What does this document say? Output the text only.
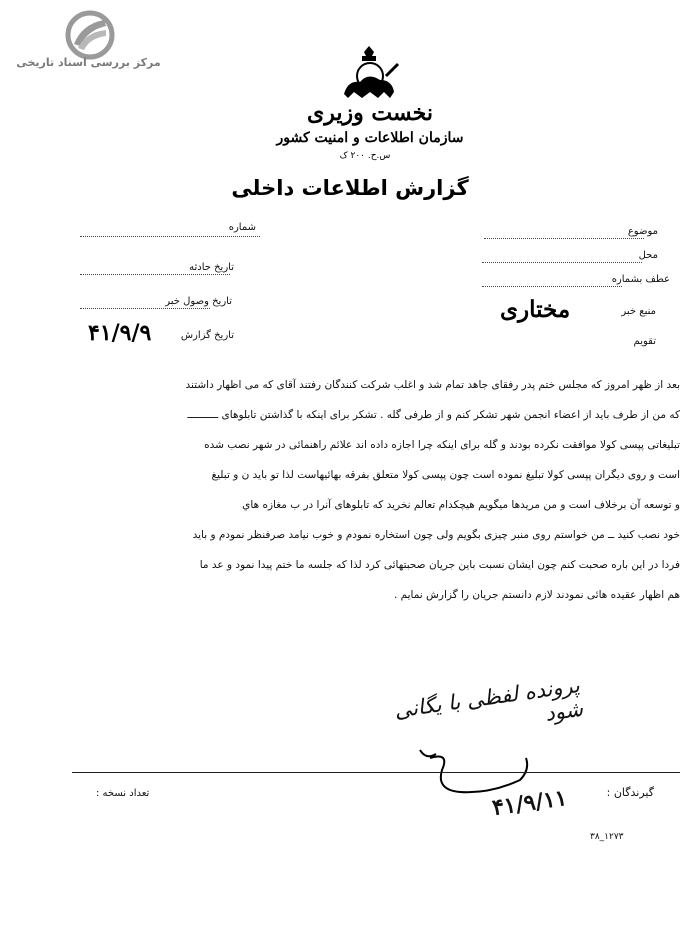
مرکز بررسی اسناد تاریخی
نخست وزیری
سازمان اطلاعات و امنیت کشور
س.ح. ۲۰۰ ک
گزارش اطلاعات داخلی
شماره
تاریخ حادثه
تاریخ وصول خبر
تاریخ گزارش
۴۱/۹/۹
موضوع
محل
عطف بشماره
منبع خبر
مختاری
تقویم

بعد از ظهر امروز که مجلس ختم پدر رفقای جاهد تمام شد و اغلب شرکت کنندگان رفتند آقای که می اظهار داشتند

که من از طرف باید از اعضاء انجمن شهر تشکر کنم و از طرفی گله . تشکر برای اینکه با گذاشتن تابلوهای ــــــــــ

تبلیغاتی پپسی کولا موافقت نکرده بودند و گله برای اینکه چرا اجازه داده اند علائم راهنمائی در شهر نصب شده

است و روی دیگران پپسی کولا تبلیغ نموده است چون پپسی کولا متعلق بفرقه بهائیهاست لذا تو باید ن و تبلیغ

و توسعه آن برخلاف است و من مریدها میگویم هیچکدام تعالم نخرید که تابلوهای آنرا در ب مغازه هاي

خود نصب کنید ــ من خواستم روی منبر چیزی بگویم ولی چون استخاره نمودم و خوب نیامد صرفنظر نمودم و باید

فردا در این باره صحبت کنم چون ایشان نسبت باین جریان صحبتهائی کرد لذا که جلسه ما ختم پیدا نمود و عد ما

هم اظهار عقیده هائی نمودند لازم دانستم جریان را گزارش نمایم .

پرونده لفظی با یگانی شود
گیرندگان :
تعداد نسخه :	۴۱/۹/۱۱
۱۲۷۳_۳۸
